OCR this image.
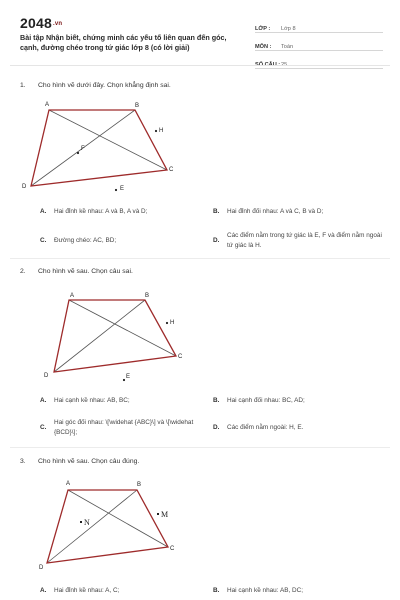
2048.vn
Bài tập Nhận biết, chứng minh các yếu tố liên quan đến góc, cạnh, đường chéo trong tứ giác lớp 8 (có lời giải)
LỚP :	Lớp 8
MÔN :	Toán
SỐ CÂU : 25
1.	Cho hình vẽ dưới đây. Chọn khẳng định sai.
A	B
C
D	E
F
H
A.	Hai đỉnh kề nhau: A và B, A và D;	B.	Hai đỉnh đối nhau: A và C, B và D;
C.	Đường chéo: AC, BD;	D.
Các điểm nằm trong tứ giác là E, F và điểm nằm ngoài tứ giác là H.
2.	Cho hình vẽ sau. Chọn câu sai.
A	B
C
D	E
H
A.	Hai cạnh kề nhau: AB, BC;	B.	Hai cạnh đối nhau: BC, AD;
C.
Hai góc đối nhau: \[\widehat {ABC}\] và \[\widehat {BCD}\];
D.	Các điểm nằm ngoài: H, E.
3.	Cho hình vẽ sau. Chọn câu đúng.
A	B
C
D
N
M
A.	Hai đỉnh kề nhau: A, C;	B.	Hai cạnh kề nhau: AB, DC;
